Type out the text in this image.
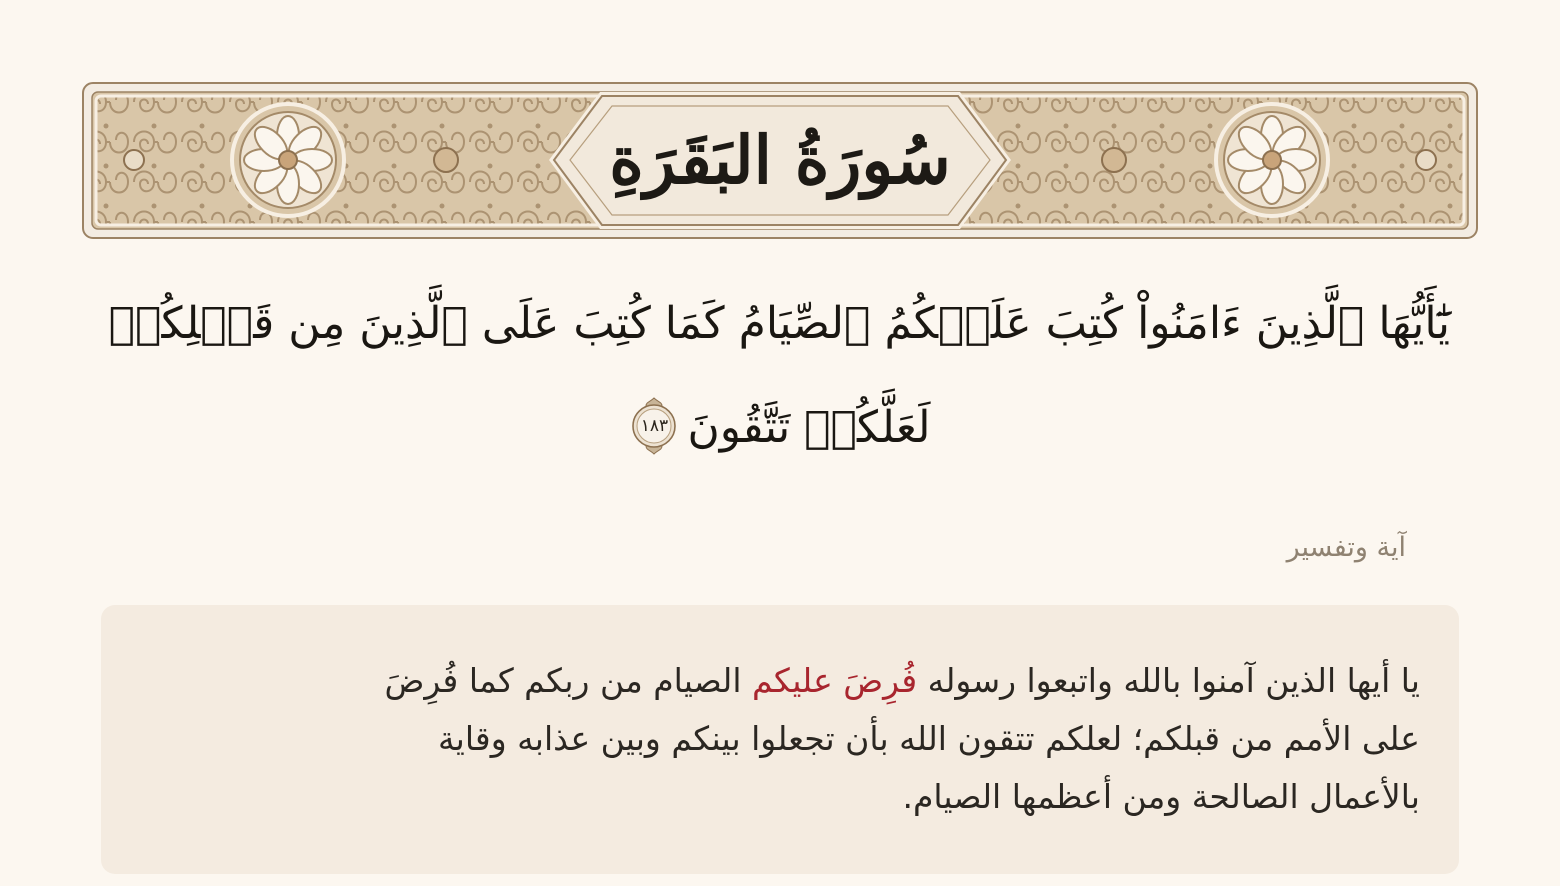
سُورَةُ البَقَرَةِ
يَٰٓأَيُّهَا ٱلَّذِينَ ءَامَنُواْ كُتِبَ عَلَيۡكُمُ ٱلصِّيَامُ كَمَا كُتِبَ عَلَى ٱلَّذِينَ مِن قَبۡلِكُمۡ
لَعَلَّكُمۡ تَتَّقُونَ
١٨٣
آية وتفسير
يا أيها الذين آمنوا بالله واتبعوا رسوله فُرِضَ عليكم الصيام من ربكم كما فُرِضَ
على الأمم من قبلكم؛ لعلكم تتقون الله بأن تجعلوا بينكم وبين عذابه وقاية
بالأعمال الصالحة ومن أعظمها الصيام.
